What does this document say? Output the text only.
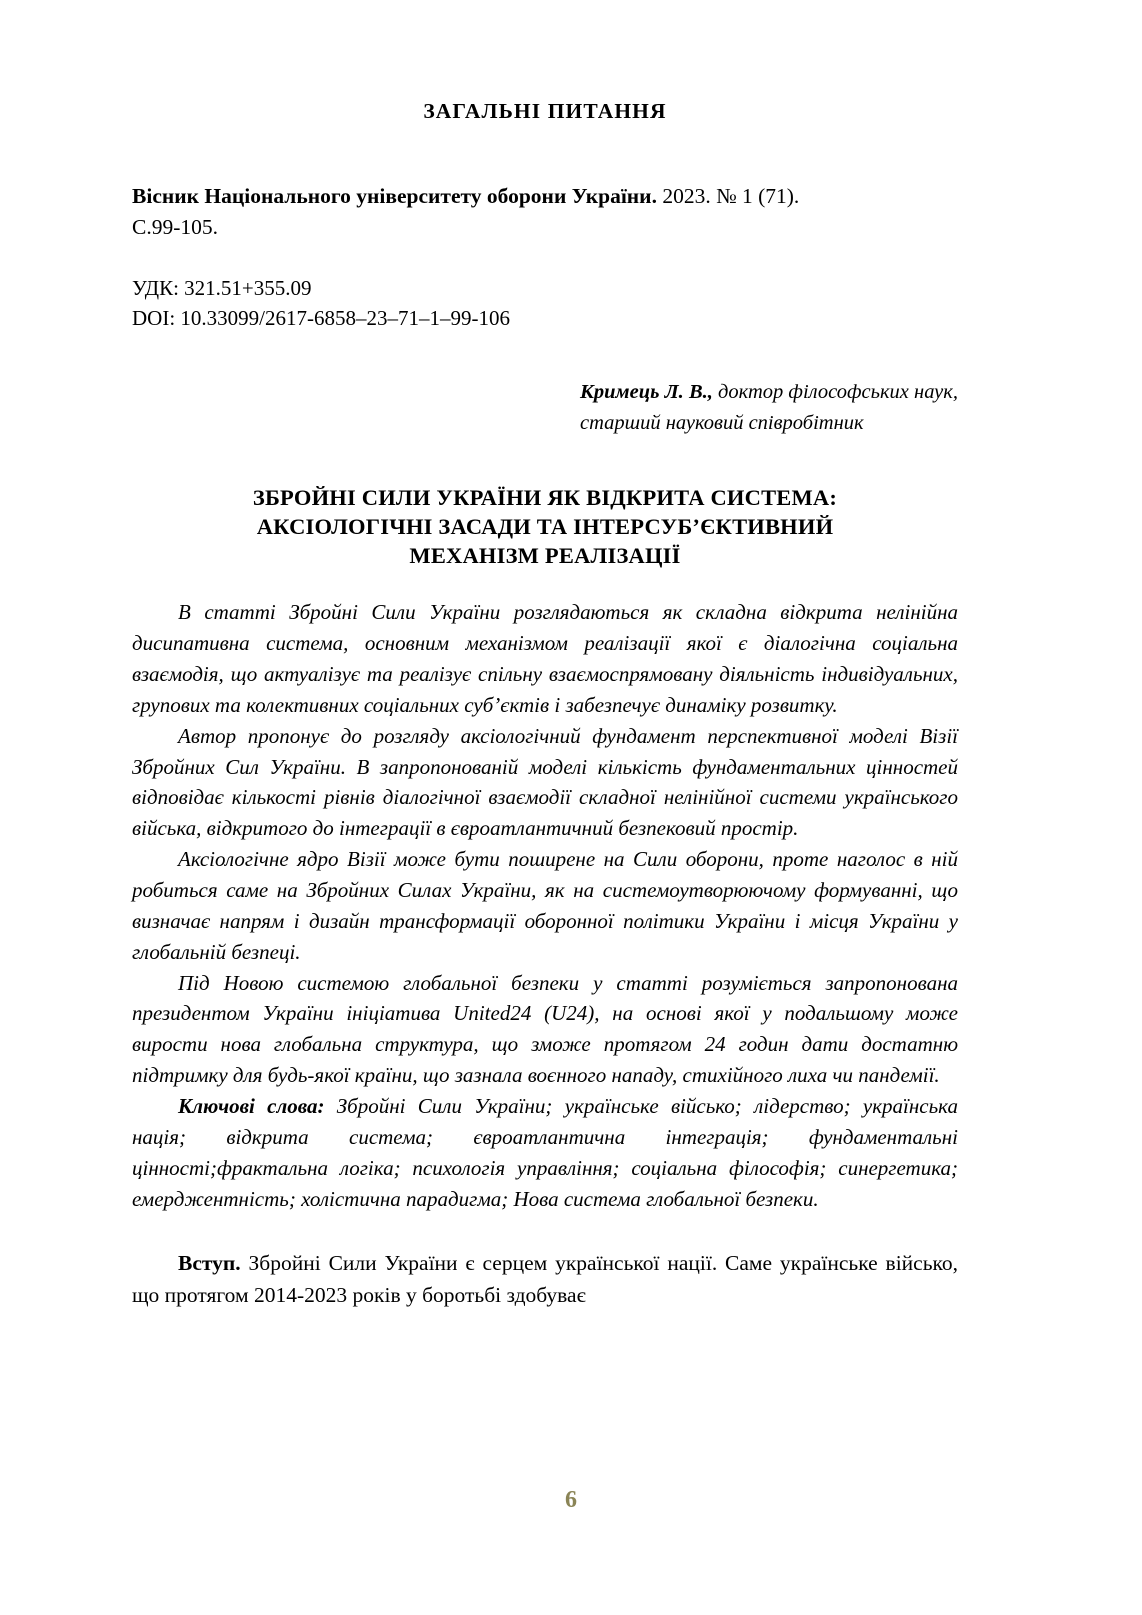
ЗАГАЛЬНІ ПИТАННЯ
Вісник Національного університету оборони України. 2023. № 1 (71).
С.99-105.
УДК: 321.51+355.09
DOI: 10.33099/2617-6858–23–71–1–99-106
Кримець Л. В., доктор філософських наук, старший науковий співробітник
ЗБРОЙНІ СИЛИ УКРАЇНИ ЯК ВІДКРИТА СИСТЕМА:
АКСІОЛОГІЧНІ ЗАСАДИ ТА ІНТЕРСУБ’ЄКТИВНИЙ
МЕХАНІЗМ РЕАЛІЗАЦІЇ

В статті Збройні Сили України розглядаються як складна відкрита нелінійна дисипативна система, основним механізмом реалізації якої є діалогічна соціальна взаємодія, що актуалізує та реалізує спільну взаємоспрямовану діяльність індивідуальних, групових та колективних соціальних суб’єктів і забезпечує динаміку розвитку.

Автор пропонує до розгляду аксіологічний фундамент перспективної моделі Візії Збройних Сил України. В запропонованій моделі кількість фундаментальних цінностей відповідає кількості рівнів діалогічної взаємодії складної нелінійної системи українського війська, відкритого до інтеграції в євроатлантичний безпековий простір.

Аксіологічне ядро Візії може бути поширене на Сили оборони, проте наголос в ній робиться саме на Збройних Силах України, як на системоутворюючому формуванні, що визначає напрям і дизайн трансформації оборонної політики України і місця України у глобальній безпеці.

Під Новою системою глобальної безпеки у статті розуміється запропонована президентом України ініціатива United24 (U24), на основі якої у подальшому може вирости нова глобальна структура, що зможе протягом 24 годин дати достатню підтримку для будь-якої країни, що зазнала воєнного нападу, стихійного лиха чи пандемії.

Ключові слова: Збройні Сили України; українське військо; лідерство; українська нація; відкрита система; євроатлантична інтеграція; фундаментальні цінності;фрактальна логіка; психологія управління; соціальна філософія; синергетика; емерджентність; холістична парадигма; Нова система глобальної безпеки.

Вступ. Збройні Сили України є серцем української нації. Саме українське військо, що протягом 2014-2023 років у боротьбі здобуває

6
